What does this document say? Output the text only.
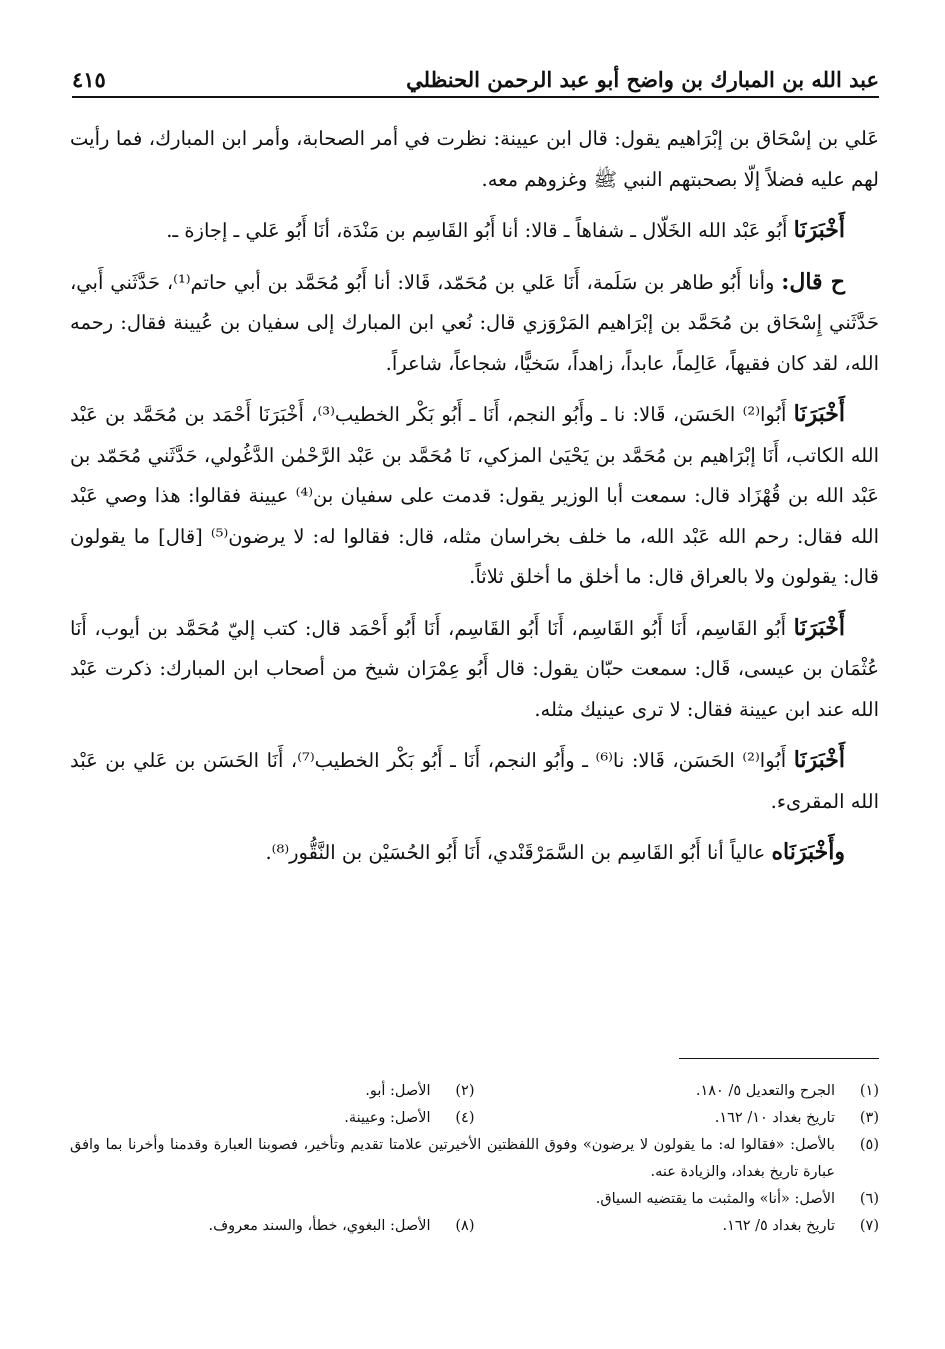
عبد الله بن المبارك بن واضح أبو عبد الرحمن الحنظلي
٤١٥

عَلي بن إسْحَاق بن إبْرَاهيم يقول: قال ابن عيينة: نظرت في أمر الصحابة، وأمر ابن المبارك، فما رأيت لهم عليه فضلاً إلّا بصحبتهم النبي ﷺ وغزوهم معه.

أَخْبَرَنَا أَبُو عَبْد الله الخَلّال ـ شفاهاً ـ قالا: أنا أَبُو القَاسِم بن مَنْدَة، أنَا أَبُو عَلي ـ إجازة ـ.

ح قال: وأنا أَبُو طاهر بن سَلَمة، أَنَا عَلي بن مُحَمّد، قَالا: أنا أَبُو مُحَمَّد بن أبي حاتم⁽¹⁾، حَدَّثَني أَبي، حَدَّثَني إِسْحَاق بن مُحَمَّد بن إبْرَاهيم المَرْوَزي قال: نُعي ابن المبارك إلى سفيان بن عُيينة فقال: رحمه الله، لقد كان فقيهاً، عَالِماً، عابداً، زاهداً، سَخيًّا، شجاعاً، شاعراً.

أَخْبَرَنَا أَبُوا⁽²⁾ الحَسَن، قَالا: نا ـ وأَبُو النجم، أَنَا ـ أَبُو بَكْر الخطيب⁽³⁾، أَخْبَرَنَا أَحْمَد بن مُحَمَّد بن عَبْد الله الكاتب، أَنَا إبْرَاهيم بن مُحَمَّد بن يَحْيَىٰ المزكي، نَا مُحَمَّد بن عَبْد الرَّحْمٰن الدَّغُولي، حَدَّثَني مُحَمّد بن عَبْد الله بن قُهْزَاد قال: سمعت أبا الوزير يقول: قدمت على سفيان بن⁽⁴⁾ عيينة فقالوا: هذا وصي عَبْد الله فقال: رحم الله عَبْد الله، ما خلف بخراسان مثله، قال: فقالوا له: لا يرضون⁽⁵⁾ [قال] ما يقولون قال: يقولون ولا بالعراق قال: ما أخلق ما أخلق ثلاثاً.

أَخْبَرَنَا أَبُو القَاسِم، أَنَا أَبُو القَاسِم، أَنَا أَبُو القَاسِم، أَنَا أَبُو أَحْمَد قال: كتب إليّ مُحَمَّد بن أيوب، أَنَا عُثْمَان بن عيسى، قَال: سمعت حبّان يقول: قال أَبُو عِمْرَان شيخ من أصحاب ابن المبارك: ذكرت عَبْد الله عند ابن عيينة فقال: لا ترى عينيك مثله.

أَخْبَرَنَا أَبُوا⁽²⁾ الحَسَن، قَالا: نا⁽⁶⁾ ـ وأَبُو النجم، أَنَا ـ أَبُو بَكْر الخطيب⁽⁷⁾، أَنَا الحَسَن بن عَلي بن عَبْد الله المقرىء.

وأَخْبَرَنَاه عالياً أنا أَبُو القَاسِم بن السَّمَرْقَنْدي، أَنَا أَبُو الحُسَيْن بن النَّقُّور⁽⁸⁾.

(١)
الجرح والتعديل ٥/ ١٨٠.
(٢)
الأصل: أبو.
(٣)
تاريخ بغداد ١٠/ ١٦٢.
(٤)
الأصل: وعيينة.
(٥)
بالأصل: «فقالوا له: ما يقولون لا يرضون» وفوق اللفظتين الأخيرتين علامتا تقديم وتأخير، فصوبنا العبارة وقدمنا وأخرنا بما وافق عبارة تاريخ بغداد، والزيادة عنه.
(٦)
الأصل: «أنا» والمثبت ما يقتضيه السياق.
(٧)
تاريخ بغداد ٥/ ١٦٢.
(٨)
الأصل: البغوي، خطأ، والسند معروف.
